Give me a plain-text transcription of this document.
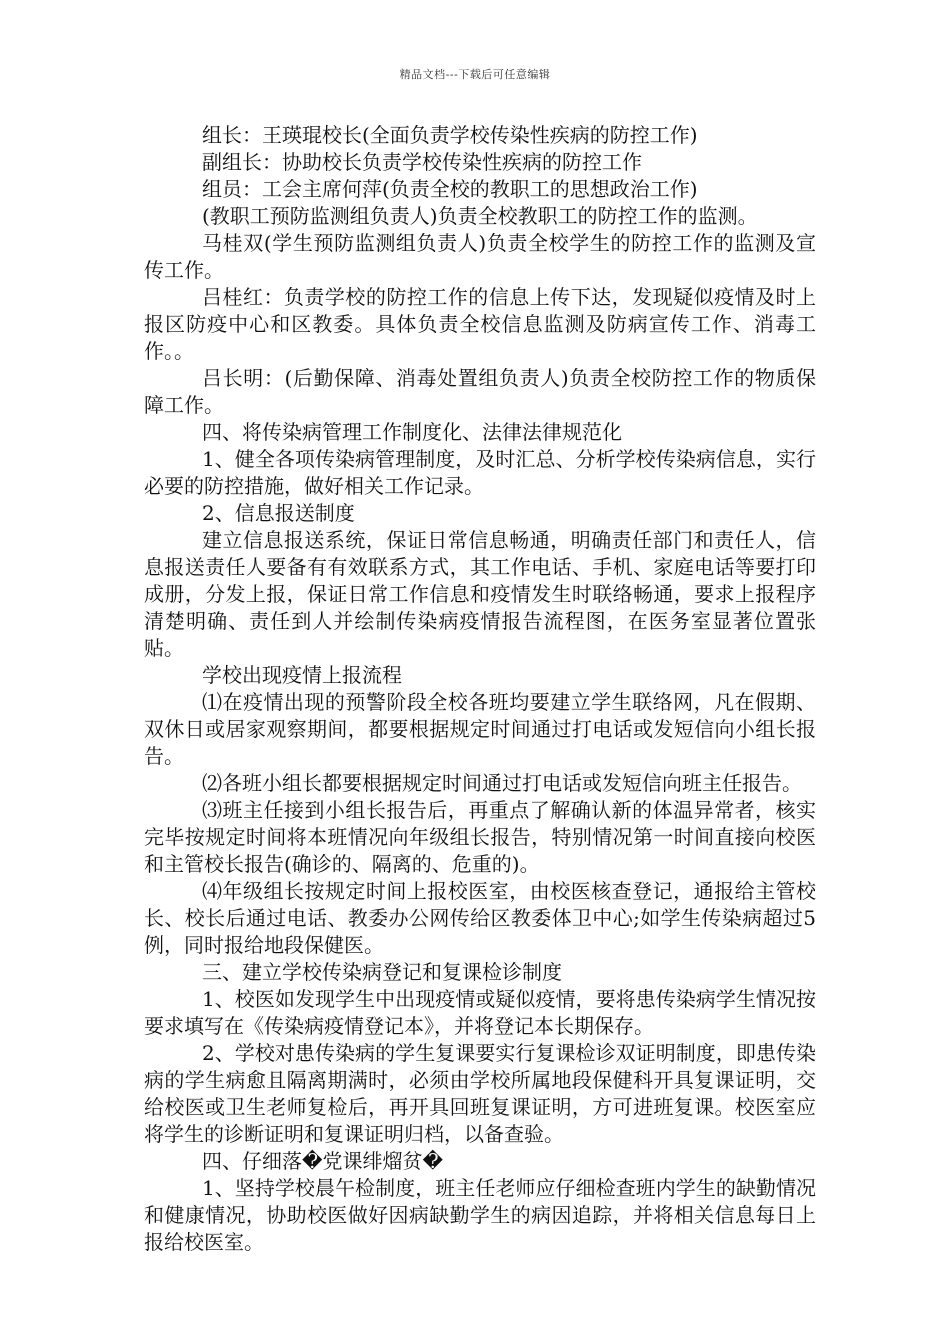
精品文档---下载后可任意编辑

组长：王瑛琨校长(全面负责学校传染性疾病的防控工作)

副组长：协助校长负责学校传染性疾病的防控工作

组员：工会主席何萍(负责全校的教职工的思想政治工作)

(教职工预防监测组负责人)负责全校教职工的防控工作的监测。

马桂双(学生预防监测组负责人)负责全校学生的防控工作的监测及宣传工作。

吕桂红：负责学校的防控工作的信息上传下达，发现疑似疫情及时上报区防疫中心和区教委。具体负责全校信息监测及防病宣传工作、消毒工作。。

吕长明：(后勤保障、消毒处置组负责人)负责全校防控工作的物质保障工作。

四、将传染病管理工作制度化、法律法律规范化

1、健全各项传染病管理制度，及时汇总、分析学校传染病信息，实行必要的防控措施，做好相关工作记录。

2、信息报送制度

建立信息报送系统，保证日常信息畅通，明确责任部门和责任人，信息报送责任人要备有有效联系方式，其工作电话、手机、家庭电话等要打印成册，分发上报，保证日常工作信息和疫情发生时联络畅通，要求上报程序清楚明确、责任到人并绘制传染病疫情报告流程图，在医务室显著位置张贴。

学校出现疫情上报流程

⑴在疫情出现的预警阶段全校各班均要建立学生联络网，凡在假期、双休日或居家观察期间，都要根据规定时间通过打电话或发短信向小组长报告。

⑵各班小组长都要根据规定时间通过打电话或发短信向班主任报告。

⑶班主任接到小组长报告后，再重点了解确认新的体温异常者，核实完毕按规定时间将本班情况向年级组长报告，特别情况第一时间直接向校医和主管校长报告(确诊的、隔离的、危重的)。

⑷年级组长按规定时间上报校医室，由校医核查登记，通报给主管校长、校长后通过电话、教委办公网传给区教委体卫中心;如学生传染病超过5例，同时报给地段保健医。

三、建立学校传染病登记和复课检诊制度

1、校医如发现学生中出现疫情或疑似疫情，要将患传染病学生情况按要求填写在《传染病疫情登记本》，并将登记本长期保存。

2、学校对患传染病的学生复课要实行复课检诊双证明制度，即患传染病的学生病愈且隔离期满时，必须由学校所属地段保健科开具复课证明，交给校医或卫生老师复检后，再开具回班复课证明，方可进班复课。校医室应将学生的诊断证明和复课证明归档，以备查验。

四、仔细落�党课绯熘贫�

1、坚持学校晨午检制度，班主任老师应仔细检查班内学生的缺勤情况和健康情况，协助校医做好因病缺勤学生的病因追踪，并将相关信息每日上报给校医室。
